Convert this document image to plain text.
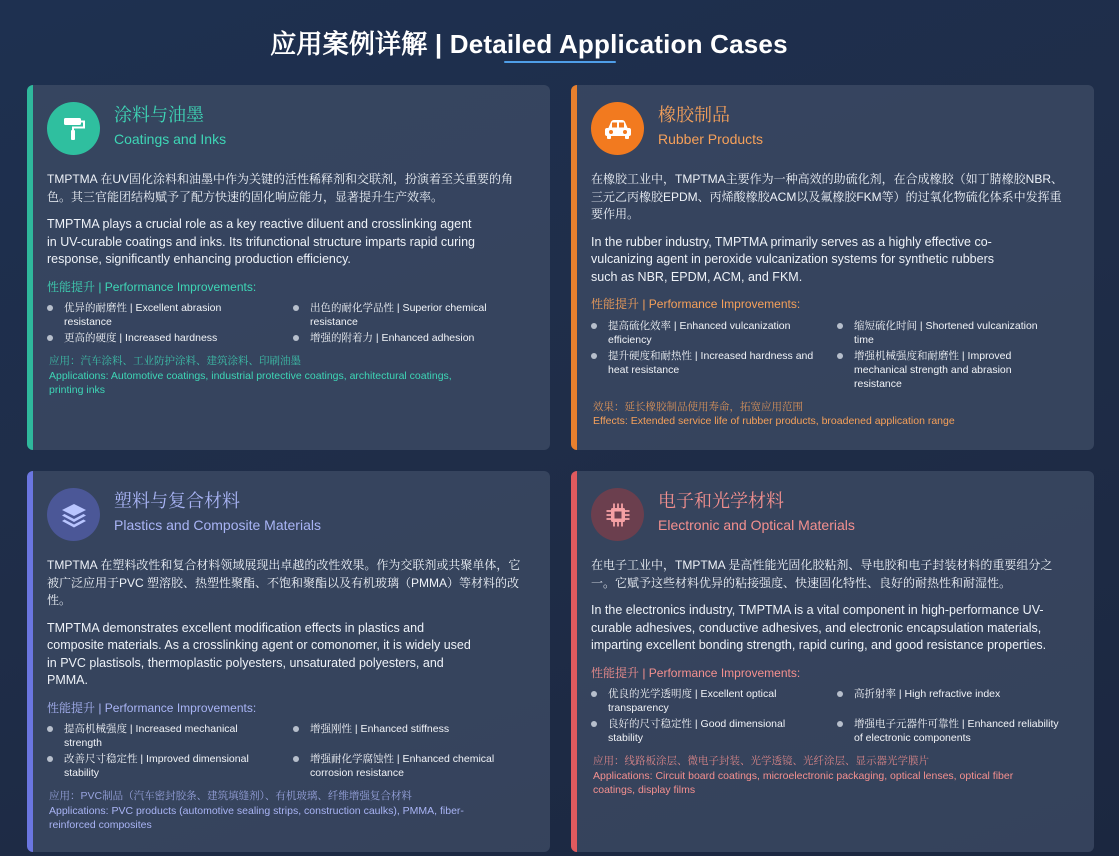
应用案例详解 | Detailed Application Cases
涂料与油墨
Coatings and Inks
TMPTMA 在UV固化涂料和油墨中作为关键的活性稀释剂和交联剂，扮演着至关重要的角色。其三官能团结构赋予了配方快速的固化响应能力，显著提升生产效率。
TMPTMA plays a crucial role as a key reactive diluent and crosslinking agent in UV-curable coatings and inks. Its trifunctional structure imparts rapid curing response, significantly enhancing production efficiency.
性能提升 | Performance Improvements:
优异的耐磨性 | Excellent abrasion resistance
出色的耐化学品性 | Superior chemical resistance
更高的硬度 | Increased hardness	增强的附着力 | Enhanced adhesion
应用：汽车涂料、工业防护涂料、建筑涂料、印刷油墨
Applications: Automotive coatings, industrial protective coatings, architectural coatings, printing inks
橡胶制品
Rubber Products
在橡胶工业中，TMPTMA主要作为一种高效的助硫化剂，在合成橡胶（如丁腈橡胶NBR、三元乙丙橡胶EPDM、丙烯酸橡胶ACM以及氟橡胶FKM等）的过氧化物硫化体系中发挥重要作用。
In the rubber industry, TMPTMA primarily serves as a highly effective co-vulcanizing agent in peroxide vulcanization systems for synthetic rubbers such as NBR, EPDM, ACM, and FKM.
性能提升 | Performance Improvements:
提高硫化效率 | Enhanced vulcanization efficiency
缩短硫化时间 | Shortened vulcanization time
提升硬度和耐热性 | Increased hardness and heat resistance
增强机械强度和耐磨性 | Improved mechanical strength and abrasion resistance
效果：延长橡胶制品使用寿命，拓宽应用范围
Effects: Extended service life of rubber products, broadened application range
塑料与复合材料
Plastics and Composite Materials
TMPTMA 在塑料改性和复合材料领域展现出卓越的改性效果。作为交联剂或共聚单体，它被广泛应用于PVC 塑溶胶、热塑性聚酯、不饱和聚酯以及有机玻璃（PMMA）等材料的改性。
TMPTMA demonstrates excellent modification effects in plastics and composite materials. As a crosslinking agent or comonomer, it is widely used in PVC plastisols, thermoplastic polyesters, unsaturated polyesters, and PMMA.
性能提升 | Performance Improvements:
提高机械强度 | Increased mechanical strength
增强刚性 | Enhanced stiffness
改善尺寸稳定性 | Improved dimensional stability
增强耐化学腐蚀性 | Enhanced chemical corrosion resistance
应用：PVC制品（汽车密封胶条、建筑填缝剂）、有机玻璃、纤维增强复合材料
Applications: PVC products (automotive sealing strips, construction caulks), PMMA, fiber-reinforced composites
电子和光学材料
Electronic and Optical Materials
在电子工业中，TMPTMA 是高性能光固化胶粘剂、导电胶和电子封装材料的重要组分之一。它赋予这些材料优异的粘接强度、快速固化特性、良好的耐热性和耐湿性。
In the electronics industry, TMPTMA is a vital component in high-performance UV-curable adhesives, conductive adhesives, and electronic encapsulation materials, imparting excellent bonding strength, rapid curing, and good resistance properties.
性能提升 | Performance Improvements:
优良的光学透明度 | Excellent optical transparency
高折射率 | High refractive index
良好的尺寸稳定性 | Good dimensional stability
增强电子元器件可靠性 | Enhanced reliability of electronic components
应用：线路板涂层、微电子封装、光学透镜、光纤涂层、显示器光学膜片
Applications: Circuit board coatings, microelectronic packaging, optical lenses, optical fiber coatings, display films
